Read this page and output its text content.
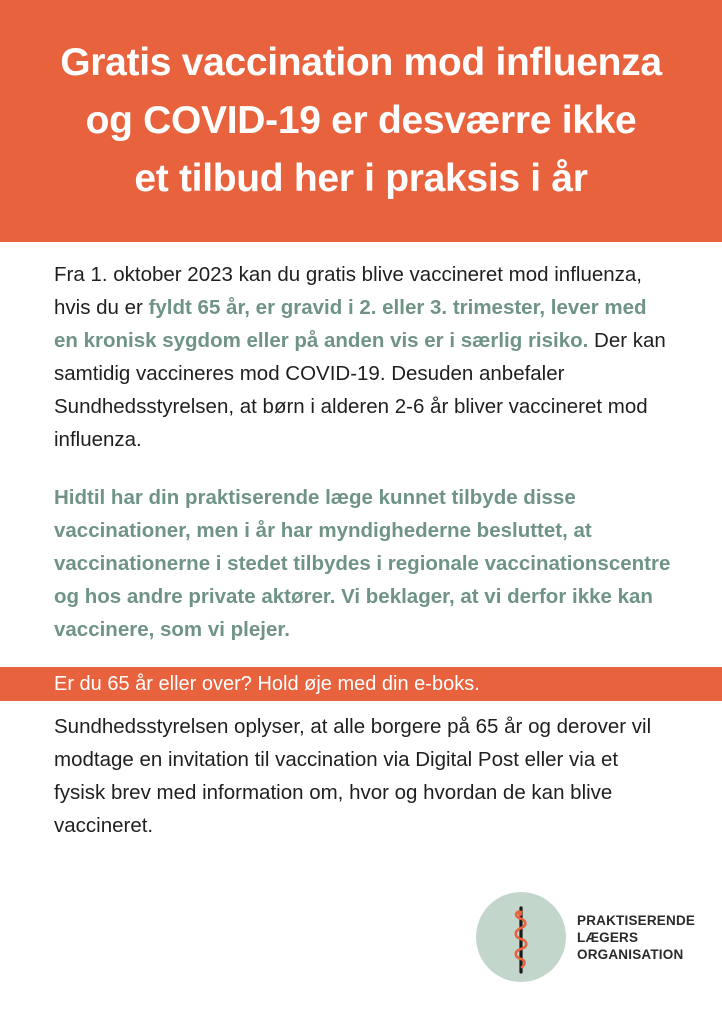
Gratis vaccination mod influenza
og COVID-19 er desværre ikke
et tilbud her i praksis i år

Fra 1. oktober 2023 kan du gratis blive vaccineret mod influenza, hvis du er fyldt 65 år, er gravid i 2. eller 3. trimester, lever med en kronisk sygdom eller på anden vis er i særlig risiko. Der kan samtidig vaccineres mod COVID-19. Desuden anbefaler Sundhedsstyrelsen, at børn i alderen 2-6 år bliver vaccineret mod influenza.

Hidtil har din praktiserende læge kunnet tilbyde disse vaccinationer, men i år har myndighederne besluttet, at vaccinationerne i stedet tilbydes i regionale vaccinationscentre og hos andre private aktører. Vi beklager, at vi derfor ikke kan vaccinere, som vi plejer.

Er du 65 år eller over? Hold øje med din e-boks.

Sundhedsstyrelsen oplyser, at alle borgere på 65 år og derover vil modtage en invitation til vaccination via Digital Post eller via et fysisk brev med information om, hvor og hvordan de kan blive vaccineret.

PRAKTISERENDE
LÆGERS
ORGANISATION
